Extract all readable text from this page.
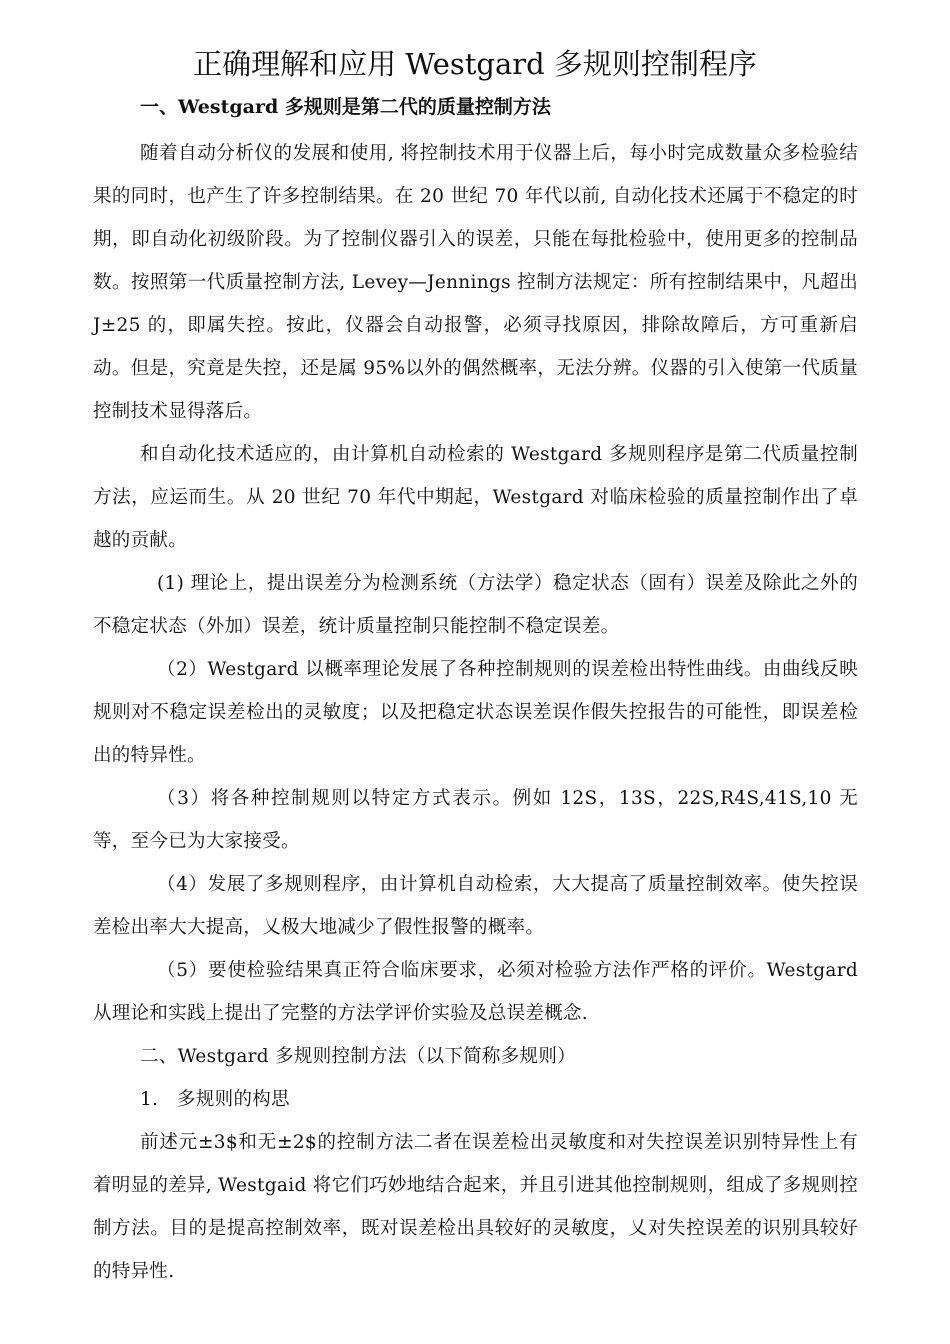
正确理解和应用 Westgard 多规则控制程序
一、Westgard 多规则是第二代的质量控制方法

随着自动分析仪的发展和使用, 将控制技术用于仪器上后，每小时完成数量众多检验结果的同时，也产生了许多控制结果。在 20 世纪 70 年代以前, 自动化技术还属于不稳定的时期，即自动化初级阶段。为了控制仪器引入的误差，只能在每批检验中，使用更多的控制品数。按照第一代质量控制方法, Levey—Jennings 控制方法规定：所有控制结果中，凡超出 J±25 的，即属失控。按此，仪器会自动报警，必须寻找原因，排除故障后，方可重新启动。但是，究竟是失控，还是属 95%以外的偶然概率，无法分辨。仪器的引入使第一代质量控制技术显得落后。

和自动化技术适应的，由计算机自动检索的 Westgard 多规则程序是第二代质量控制方法，应运而生。从 20 世纪 70 年代中期起，Westgard 对临床检验的质量控制作出了卓越的贡献。

(1) 理论上，提出误差分为检测系统（方法学）稳定状态（固有）误差及除此之外的不稳定状态（外加）误差，统计质量控制只能控制不稳定误差。

（2）Westgard 以概率理论发展了各种控制规则的误差检出特性曲线。由曲线反映规则对不稳定误差检出的灵敏度；以及把稳定状态误差误作假失控报告的可能性，即误差检出的特异性。

（3）将各种控制规则以特定方式表示。例如 12S，13S，22S,R4S,41S,10 无等，至今已为大家接受。

（4）发展了多规则程序，由计算机自动检索，大大提高了质量控制效率。使失控误差检出率大大提高，乂极大地减少了假性报警的概率。

（5）要使检验结果真正符合临床要求，必须对检验方法作严格的评价。Westgard 从理论和实践上提出了完整的方法学评价实验及总误差概念.

二、Westgard 多规则控制方法（以下简称多规则）

1.　多规则的构思

前述元±3$和无±2$的控制方法二者在误差检出灵敏度和对失控误差识别特异性上有着明显的差异, Westgaid 将它们巧妙地结合起来，并且引进其他控制规则，组成了多规则控制方法。目的是提高控制效率，既对误差检出具较好的灵敏度，乂对失控误差的识别具较好的特异性.
